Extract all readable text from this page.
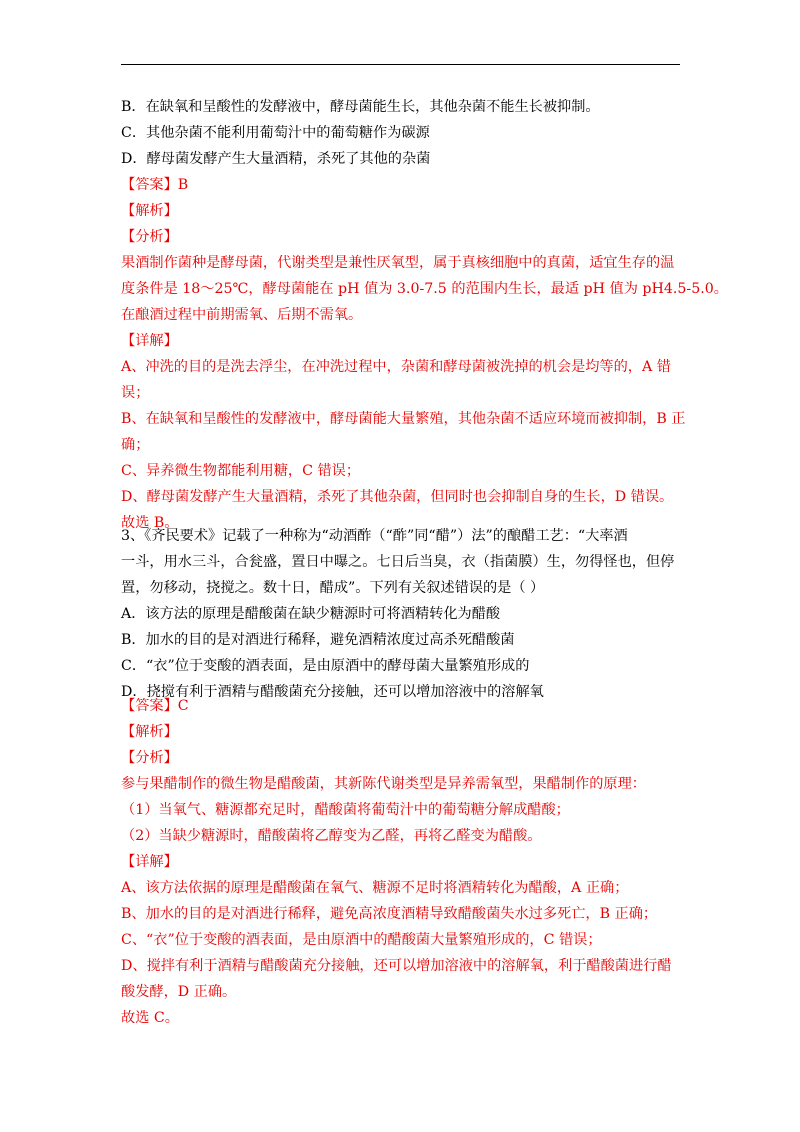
B．在缺氧和呈酸性的发酵液中，酵母菌能生长，其他杂菌不能生长被抑制。

C．其他杂菌不能利用葡萄汁中的葡萄糖作为碳源

D．酵母菌发酵产生大量酒精，杀死了其他的杂菌

【答案】B

【解析】

【分析】

果酒制作菌种是酵母菌，代谢类型是兼性厌氧型，属于真核细胞中的真菌，适宜生存的温

度条件是 18～25℃，酵母菌能在 pH 值为 3.0-7.5 的范围内生长，最适 pH 值为 pH4.5-5.0。

在酿酒过程中前期需氧、后期不需氧。

【详解】

A、冲洗的目的是洗去浮尘，在冲洗过程中，杂菌和酵母菌被洗掉的机会是均等的，A 错

误；

B、在缺氧和呈酸性的发酵液中，酵母菌能大量繁殖，其他杂菌不适应环境而被抑制，B 正

确；

C、异养微生物都能利用糖，C 错误；

D、酵母菌发酵产生大量酒精，杀死了其他杂菌，但同时也会抑制自身的生长，D 错误。

故选 B。

3、《齐民要术》记载了一种称为“动酒酢（“酢”同“醋”）法”的酿醋工艺：“大率酒

一斗，用水三斗，合瓮盛，置日中曝之。七日后当臭，衣（指菌膜）生，勿得怪也，但停

置，勿移动，挠搅之。数十日，醋成”。下列有关叙述错误的是（ ）

A．该方法的原理是醋酸菌在缺少糖源时可将酒精转化为醋酸

B．加水的目的是对酒进行稀释，避免酒精浓度过高杀死醋酸菌

C．“衣”位于变酸的酒表面，是由原酒中的酵母菌大量繁殖形成的

D．挠搅有利于酒精与醋酸菌充分接触，还可以增加溶液中的溶解氧

【答案】C

【解析】

【分析】

参与果醋制作的微生物是醋酸菌，其新陈代谢类型是异养需氧型，果醋制作的原理：

（1）当氧气、糖源都充足时，醋酸菌将葡萄汁中的葡萄糖分解成醋酸；

（2）当缺少糖源时，醋酸菌将乙醇变为乙醛，再将乙醛变为醋酸。

【详解】

A、该方法依据的原理是醋酸菌在氧气、糖源不足时将酒精转化为醋酸，A 正确；

B、加水的目的是对酒进行稀释，避免高浓度酒精导致醋酸菌失水过多死亡，B 正确；

C、“衣”位于变酸的酒表面，是由原酒中的醋酸菌大量繁殖形成的，C 错误；

D、搅拌有利于酒精与醋酸菌充分接触，还可以增加溶液中的溶解氧，利于醋酸菌进行醋

酸发酵，D 正确。

故选 C。
